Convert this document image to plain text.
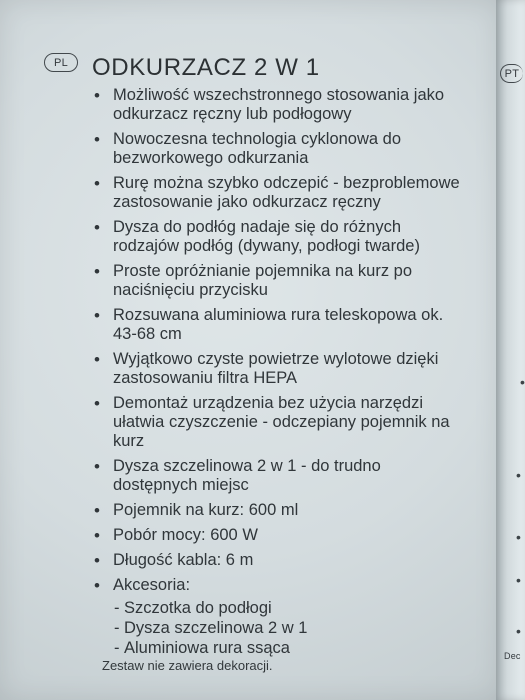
PL
PT
ODKURZACZ 2 W 1
• Możliwość wszechstronnego stosowania jako odkurzacz ręczny lub podłogowy
• Nowoczesna technologia cyklonowa do bezworkowego odkurzania
• Rurę można szybko odczepić - bezproblemowe zastosowanie jako odkurzacz ręczny
• Dysza do podłóg nadaje się do różnych rodzajów podłóg (dywany, podłogi twarde)
• Proste opróżnianie pojemnika na kurz po naciśnięciu przycisku
• Rozsuwana aluminiowa rura teleskopowa ok. 43-68 cm
• Wyjątkowo czyste powietrze wylotowe dzięki zastosowaniu filtra HEPA
• Demontaż urządzenia bez użycia narzędzi ułatwia czyszczenie - odczepiany pojemnik na kurz
• Dysza szczelinowa 2 w 1 - do trudno dostępnych miejsc
• Pojemnik na kurz: 600 ml
• Pobór mocy: 600 W
• Długość kabla: 6 m
• Akcesoria:
- Szczotka do podłogi
- Dysza szczelinowa 2 w 1
- Aluminiowa rura ssąca
Zestaw nie zawiera dekoracji.
Dec
•
•
•
•
•
